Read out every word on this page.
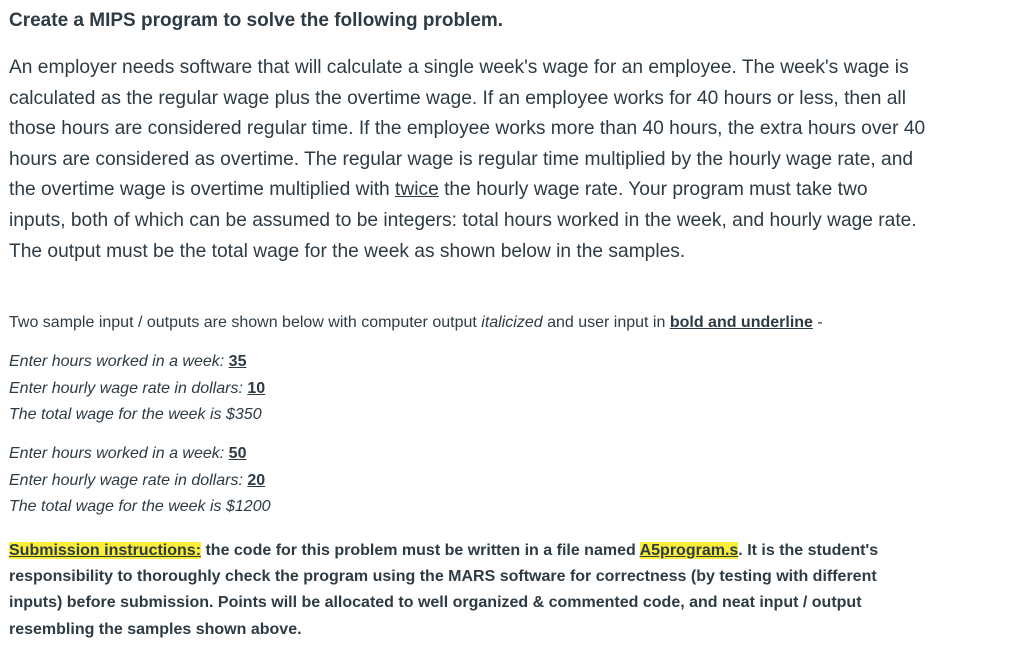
Create a MIPS program to solve the following problem.

An employer needs software that will calculate a single week's wage for an employee. The week's wage is calculated as the regular wage plus the overtime wage. If an employee works for 40 hours or less, then all those hours are considered regular time. If the employee works more than 40 hours, the extra hours over 40 hours are considered as overtime. The regular wage is regular time multiplied by the hourly wage rate, and the overtime wage is overtime multiplied with twice the hourly wage rate. Your program must take two inputs, both of which can be assumed to be integers: total hours worked in the week, and hourly wage rate. The output must be the total wage for the week as shown below in the samples.

Two sample input / outputs are shown below with computer output italicized and user input in bold and underline -

Enter hours worked in a week: 35
Enter hourly wage rate in dollars: 10
The total wage for the week is $350
Enter hours worked in a week: 50
Enter hourly wage rate in dollars: 20
The total wage for the week is $1200

Submission instructions: the code for this problem must be written in a file named A5program.s. It is the student's responsibility to thoroughly check the program using the MARS software for correctness (by testing with different inputs) before submission. Points will be allocated to well organized & commented code, and neat input / output resembling the samples shown above.
